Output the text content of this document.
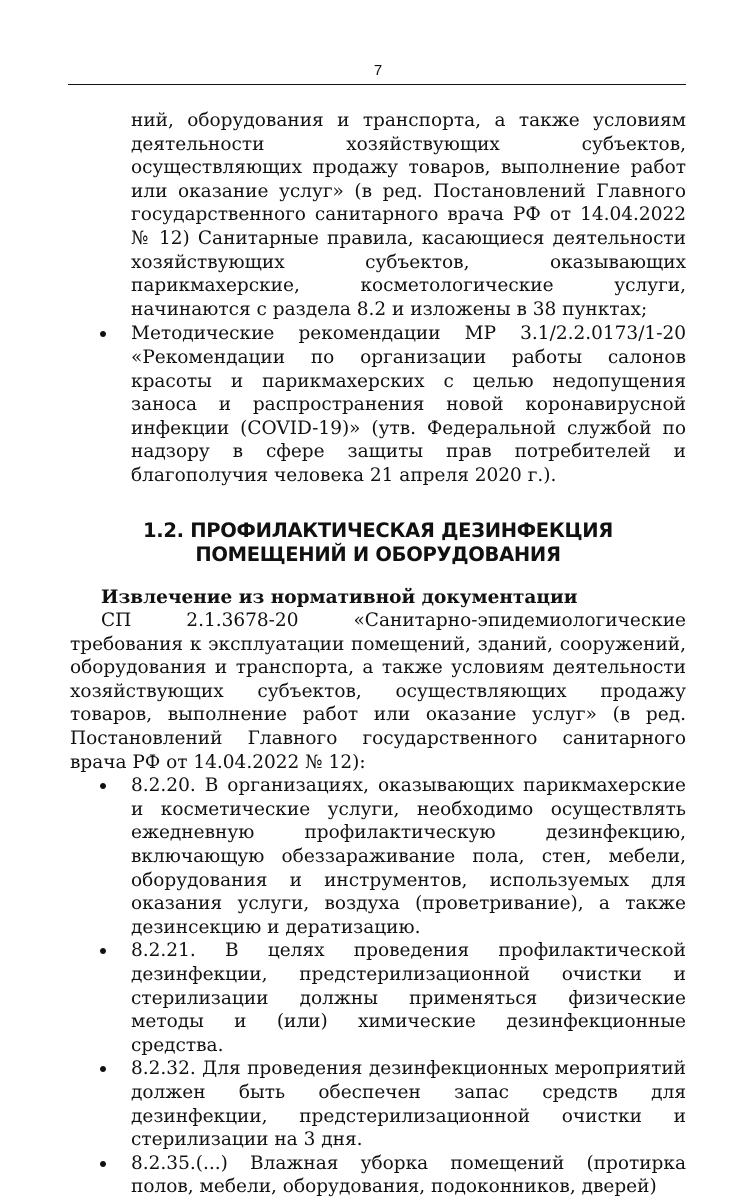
7

ний, оборудования и транспорта, а также условиям деятельности хозяйствующих субъектов, осуществляющих продажу товаров, выполнение работ или оказание услуг» (в ред. Постановлений Главного государственного санитарного врача РФ от 14.04.2022 № 12) Санитарные правила, касающиеся деятельности хозяйствующих субъектов, оказывающих парикмахерские, косметологические услуги, начинаются с раздела 8.2 и изложены в 38 пунктах;

Методические рекомендации МР 3.1/2.2.0173/1-20 «Рекомендации по организации работы салонов красоты и парикмахерских с целью недопущения заноса и распространения новой коронавирусной инфекции (COVID-19)» (утв. Федеральной службой по надзору в сфере защиты прав потребителей и благополучия человека 21 апреля 2020 г.).
1.2. ПРОФИЛАКТИЧЕСКАЯ ДЕЗИНФЕКЦИЯ
ПОМЕЩЕНИЙ И ОБОРУДОВАНИЯ
Извлечение из нормативной документации
СП 2.1.3678-20 «Санитарно-эпидемиологические требования к эксплуатации помещений, зданий, сооружений, оборудования и транспорта, а также условиям деятельности хозяйствующих субъектов, осуществляющих продажу товаров, выполнение работ или оказание услуг» (в ред. Постановлений Главного государственного санитарного врача РФ от 14.04.2022 № 12):
8.2.20. В организациях, оказывающих парикмахерские и косметические услуги, необходимо осуществлять ежедневную профилактическую дезинфекцию, включающую обеззараживание пола, стен, мебели, оборудования и инструментов, используемых для оказания услуги, воздуха (проветривание), а также дезинсекцию и дератизацию.
8.2.21. В целях проведения профилактической дезинфекции, предстерилизационной очистки и стерилизации должны применяться физические методы и (или) химические дезинфекционные средства.
8.2.32. Для проведения дезинфекционных мероприятий должен быть обеспечен запас средств для дезинфекции, предстерилизационной очистки и стерилизации на 3 дня.
8.2.35.(...) Влажная уборка помещений (протирка полов, мебели, оборудования, подоконников, дверей)
